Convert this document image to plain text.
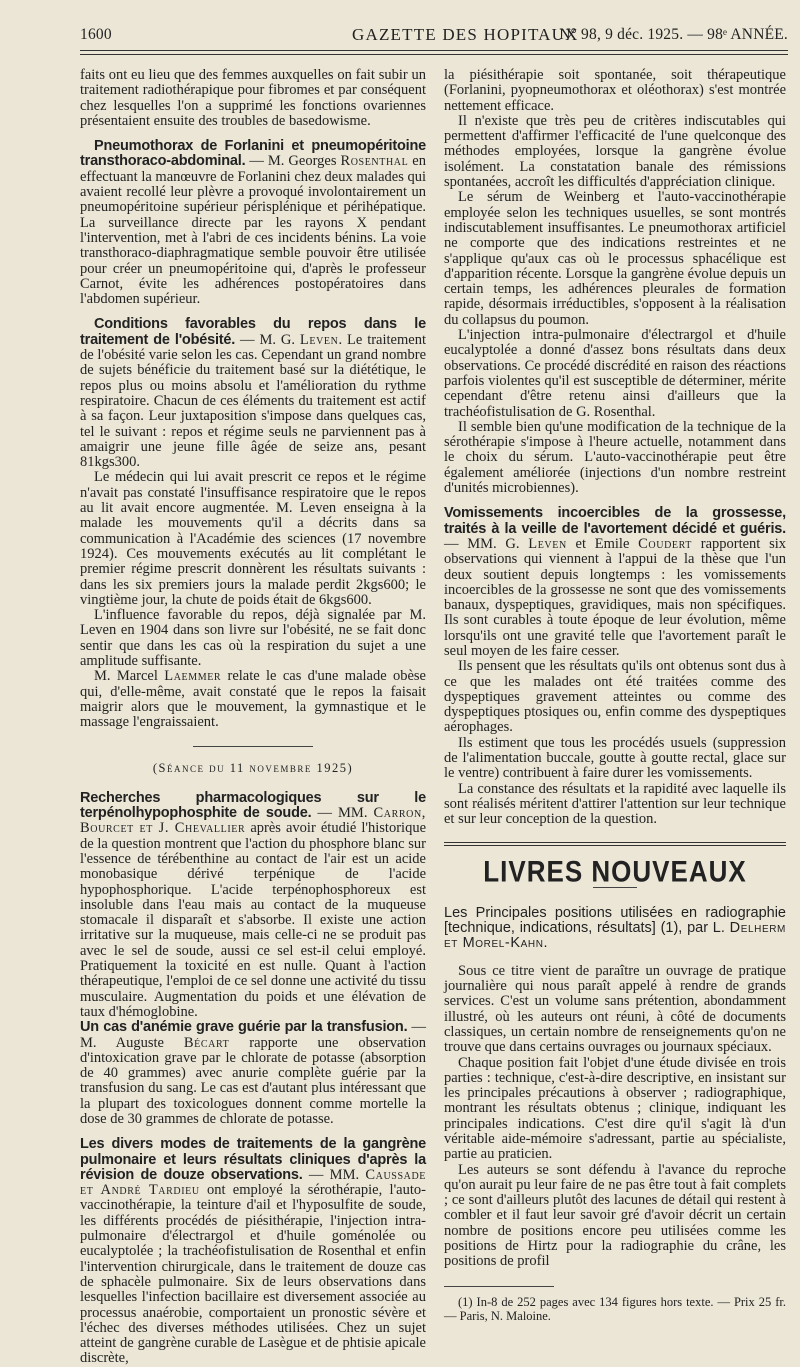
1600	GAZETTE DES HOPITAUX
N° 98, 9 déc. 1925. — 98ᵉ ANNÉE.

faits ont eu lieu que des femmes auxquelles on fait subir un traitement radiothérapique pour fibromes et par conséquent chez lesquelles l'on a supprimé les fonctions ovariennes présentaient ensuite des troubles de basedowisme.

Pneumothorax de Forlanini et pneumopéritoine transthoraco-abdominal. — M. Georges Rosenthal en effectuant la manœuvre de Forlanini chez deux malades qui avaient recollé leur plèvre a provoqué involontairement un pneumopéritoine supérieur périsplénique et périhépatique. La surveillance directe par les rayons X pendant l'intervention, met à l'abri de ces incidents bénins. La voie transthoraco-diaphragmatique semble pouvoir être utilisée pour créer un pneumopéritoine qui, d'après le professeur Carnot, évite les adhérences postopératoires dans l'abdomen supérieur.

Conditions favorables du repos dans le traitement de l'obésité. — M. G. Leven. Le traitement de l'obésité varie selon les cas. Cependant un grand nombre de sujets bénéficie du traitement basé sur la diététique, le repos plus ou moins absolu et l'amélioration du rythme respiratoire. Chacun de ces éléments du traitement est actif à sa façon. Leur juxtaposition s'impose dans quelques cas, tel le suivant : repos et régime seuls ne parviennent pas à amaigrir une jeune fille âgée de seize ans, pesant 81kgs300.

Le médecin qui lui avait prescrit ce repos et le régime n'avait pas constaté l'insuffisance respiratoire que le repos au lit avait encore augmentée. M. Leven enseigna à la malade les mouvements qu'il a décrits dans sa communication à l'Académie des sciences (17 novembre 1924). Ces mouvements exécutés au lit complétant le premier régime prescrit donnèrent les résultats suivants : dans les six premiers jours la malade perdit 2kgs600; le vingtième jour, la chute de poids était de 6kgs600.

L'influence favorable du repos, déjà signalée par M. Leven en 1904 dans son livre sur l'obésité, ne se fait donc sentir que dans les cas où la respiration du sujet a une amplitude suffisante.

M. Marcel Laemmer relate le cas d'une malade obèse qui, d'elle-même, avait constaté que le repos la faisait maigrir alors que le mouvement, la gymnastique et le massage l'engraissaient.

(Séance du 11 novembre 1925)

Recherches pharmacologiques sur le terpénolhypophosphite de soude. — MM. Carron, Bourcet et J. Chevallier après avoir étudié l'historique de la question montrent que l'action du phosphore blanc sur l'essence de térébenthine au contact de l'air est un acide monobasique dérivé terpénique de l'acide hypophosphorique. L'acide terpénophosphoreux est insoluble dans l'eau mais au contact de la muqueuse stomacale il disparaît et s'absorbe. Il existe une action irritative sur la muqueuse, mais celle-ci ne se produit pas avec le sel de soude, aussi ce sel est-il celui employé. Pratiquement la toxicité en est nulle. Quant à l'action thérapeutique, l'emploi de ce sel donne une activité du tissu musculaire. Augmentation du poids et une élévation de taux d'hémoglobine.

Un cas d'anémie grave guérie par la transfusion. — M. Auguste Bécart rapporte une observation d'intoxication grave par le chlorate de potasse (absorption de 40 grammes) avec anurie complète guérie par la transfusion du sang. Le cas est d'autant plus intéressant que la plupart des toxicologues donnent comme mortelle la dose de 30 grammes de chlorate de potasse.

Les divers modes de traitements de la gangrène pulmonaire et leurs résultats cliniques d'après la révision de douze observations. — MM. Caussade et André Tardieu ont employé la sérothérapie, l'auto-vaccinothérapie, la teinture d'ail et l'hyposulfite de soude, les différents procédés de piésithérapie, l'injection intra-pulmonaire d'électrargol et d'huile goménolée ou eucalyptolée ; la trachéofistulisation de Rosenthal et enfin l'intervention chirurgicale, dans le traitement de douze cas de sphacèle pulmonaire. Six de leurs observations dans lesquelles l'infection bacillaire est diversement associée au processus anaérobie, comportaient un pronostic sévère et l'échec des diverses méthodes utilisées. Chez un sujet atteint de gangrène curable de Lasègue et de phtisie apicale discrète,

la piésithérapie soit spontanée, soit thérapeutique (Forlanini, pyopneumothorax et oléothorax) s'est montrée nettement efficace.

Il n'existe que très peu de critères indiscutables qui permettent d'affirmer l'efficacité de l'une quelconque des méthodes employées, lorsque la gangrène évolue isolément. La constatation banale des rémissions spontanées, accroît les difficultés d'appréciation clinique.

Le sérum de Weinberg et l'auto-vaccinothérapie employée selon les techniques usuelles, se sont montrés indiscutablement insuffisantes. Le pneumothorax artificiel ne comporte que des indications restreintes et ne s'applique qu'aux cas où le processus sphacélique est d'apparition récente. Lorsque la gangrène évolue depuis un certain temps, les adhérences pleurales de formation rapide, désormais irréductibles, s'opposent à la réalisation du collapsus du poumon.

L'injection intra-pulmonaire d'électrargol et d'huile eucalyptolée a donné d'assez bons résultats dans deux observations. Ce procédé discrédité en raison des réactions parfois violentes qu'il est susceptible de déterminer, mérite cependant d'être retenu ainsi d'ailleurs que la trachéofistulisation de G. Rosenthal.

Il semble bien qu'une modification de la technique de la sérothérapie s'impose à l'heure actuelle, notamment dans le choix du sérum. L'auto-vaccinothérapie peut être également améliorée (injections d'un nombre restreint d'unités microbiennes).

Vomissements incoercibles de la grossesse, traités à la veille de l'avortement décidé et guéris. — MM. G. Leven et Emile Coudert rapportent six observations qui viennent à l'appui de la thèse que l'un deux soutient depuis longtemps : les vomissements incoercibles de la grossesse ne sont que des vomissements banaux, dyspeptiques, gravidiques, mais non spécifiques. Ils sont curables à toute époque de leur évolution, même lorsqu'ils ont une gravité telle que l'avortement paraît le seul moyen de les faire cesser.

Ils pensent que les résultats qu'ils ont obtenus sont dus à ce que les malades ont été traitées comme des dyspeptiques gravement atteintes ou comme des dyspeptiques ptosiques ou, enfin comme des dyspeptiques aérophages.

Ils estiment que tous les procédés usuels (suppression de l'alimentation buccale, goutte à goutte rectal, glace sur le ventre) contribuent à faire durer les vomissements.

La constance des résultats et la rapidité avec laquelle ils sont réalisés méritent d'attirer l'attention sur leur technique et sur leur conception de la question.

LIVRES NOUVEAUX
Les Principales positions utilisées en radiographie [technique, indications, résultats] (1), par L. Delherm et Morel-Kahn.

Sous ce titre vient de paraître un ouvrage de pratique journalière qui nous paraît appelé à rendre de grands services. C'est un volume sans prétention, abondamment illustré, où les auteurs ont réuni, à côté de documents classiques, un certain nombre de renseignements qu'on ne trouve que dans certains ouvrages ou journaux spéciaux.

Chaque position fait l'objet d'une étude divisée en trois parties : technique, c'est-à-dire descriptive, en insistant sur les principales précautions à observer ; radiographique, montrant les résultats obtenus ; clinique, indiquant les principales indications. C'est dire qu'il s'agit là d'un véritable aide-mémoire s'adressant, partie au spécialiste, partie au praticien.

Les auteurs se sont défendu à l'avance du reproche qu'on aurait pu leur faire de ne pas être tout à fait complets ; ce sont d'ailleurs plutôt des lacunes de détail qui restent à combler et il faut leur savoir gré d'avoir décrit un certain nombre de positions encore peu utilisées comme les positions de Hirtz pour la radiographie du crâne, les positions de profil

(1) In-8 de 252 pages avec 134 figures hors texte. — Prix 25 fr. — Paris, N. Maloine.
